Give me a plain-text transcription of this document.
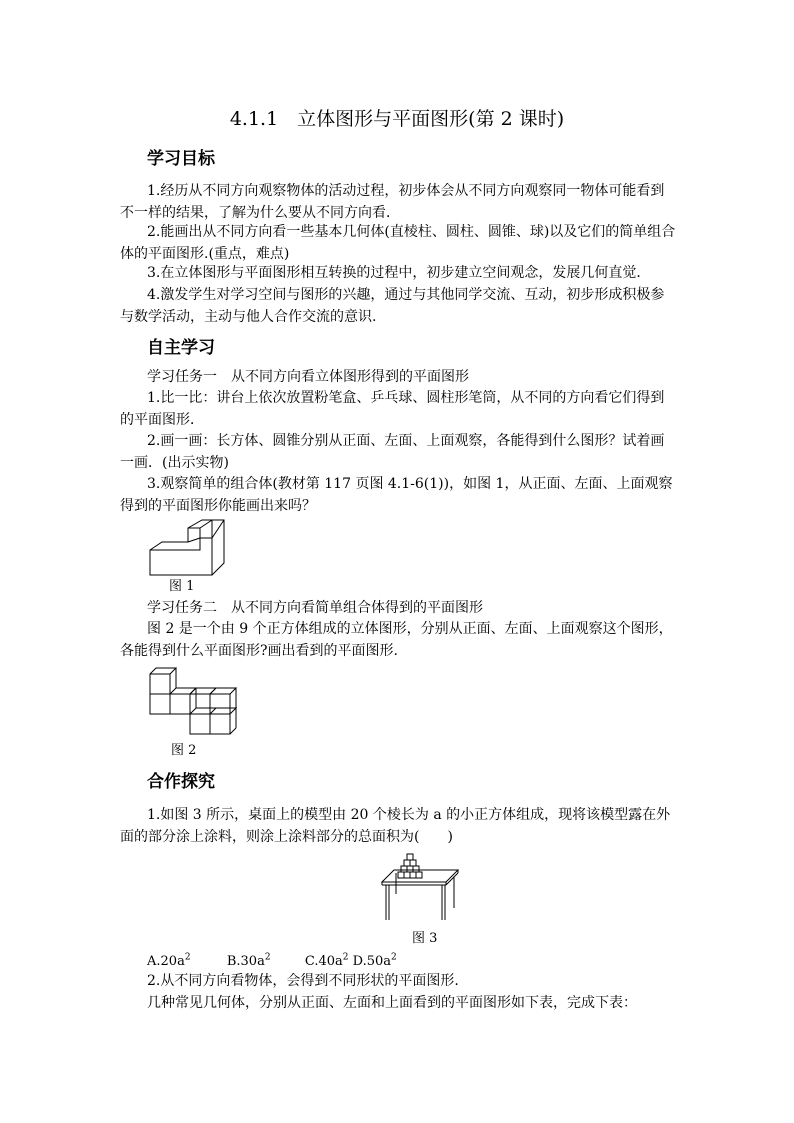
4.1.1　立体图形与平面图形(第 2 课时)
学习目标
1.经历从不同方向观察物体的活动过程，初步体会从不同方向观察同一物体可能看到不一样的结果，了解为什么要从不同方向看．
2.能画出从不同方向看一些基本几何体(直棱柱、圆柱、圆锥、球)以及它们的简单组合体的平面图形.(重点，难点)
3.在立体图形与平面图形相互转换的过程中，初步建立空间观念，发展几何直觉．
4.激发学生对学习空间与图形的兴趣，通过与其他同学交流、互动，初步形成积极参与数学活动，主动与他人合作交流的意识.
自主学习
学习任务一　从不同方向看立体图形得到的平面图形
1.比一比：讲台上依次放置粉笔盒、乒乓球、圆柱形笔筒，从不同的方向看它们得到的平面图形．
2.画一画：长方体、圆锥分别从正面、左面、上面观察，各能得到什么图形？试着画一画．(出示实物)
3.观察简单的组合体(教材第 117 页图 4.1-6(1))，如图 1，从正面、左面、上面观察得到的平面图形你能画出来吗？
图 1
学习任务二　从不同方向看简单组合体得到的平面图形
图 2 是一个由 9 个正方体组成的立体图形，分别从正面、左面、上面观察这个图形，各能得到什么平面图形?画出看到的平面图形.
图 2
合作探究
1.如图 3 所示，桌面上的模型由 20 个棱长为 a 的小正方体组成，现将该模型露在外面的部分涂上涂料，则涂上涂料部分的总面积为(　　)
图 3
$A.20a^2$	$B.30a^2$	$C.40a^2$ $D.50a^2$
2.从不同方向看物体，会得到不同形状的平面图形.
几种常见几何体，分别从正面、左面和上面看到的平面图形如下表，完成下表：
